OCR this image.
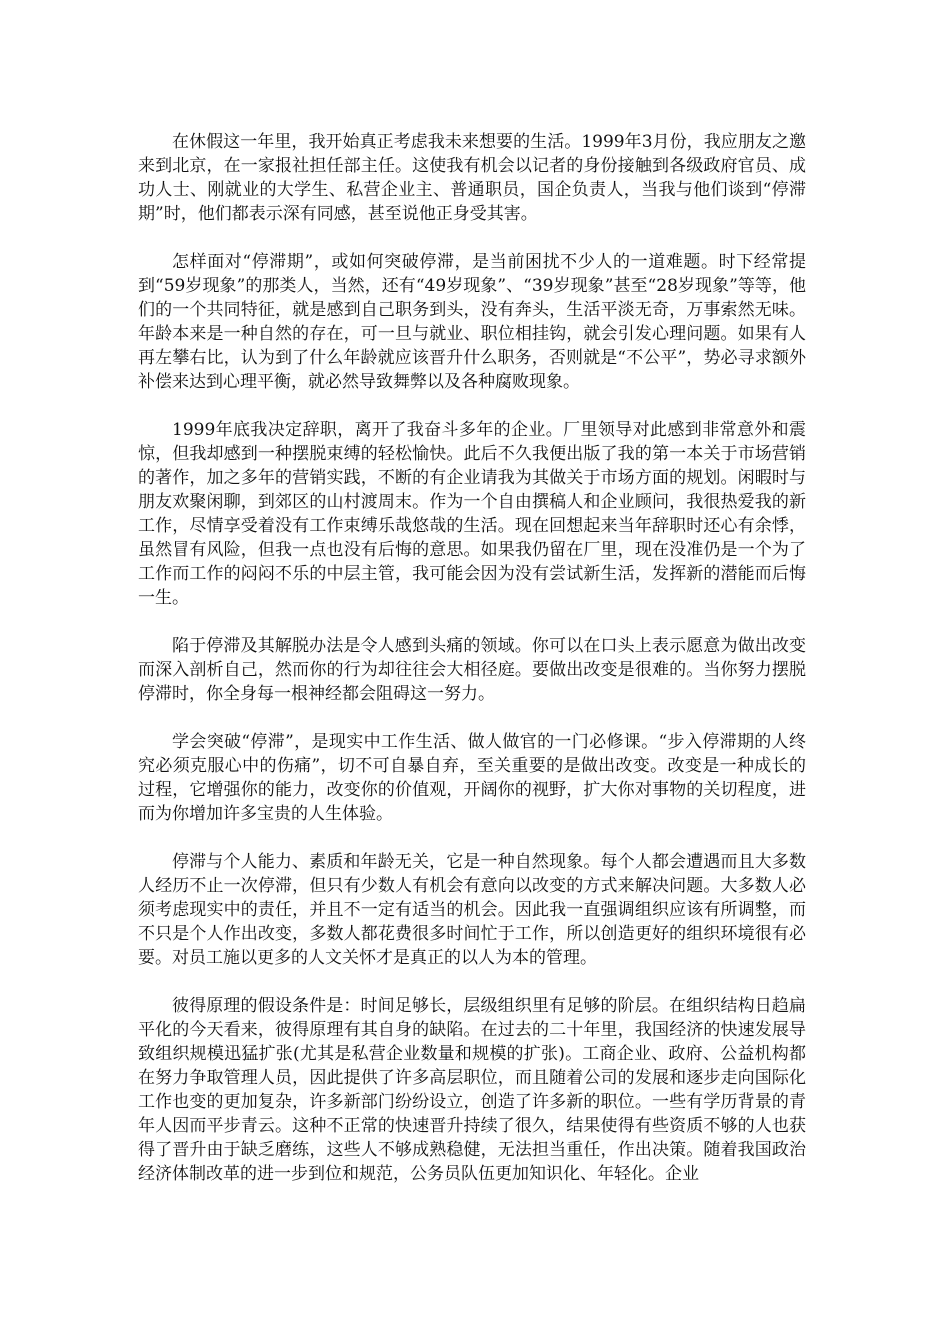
在休假这一年里，我开始真正考虑我未来想要的生活。1999年3月份，我应朋友之邀来到北京，在一家报社担任部主任。这使我有机会以记者的身份接触到各级政府官员、成功人士、刚就业的大学生、私营企业主、普通职员，国企负责人，当我与他们谈到“停滞期”时，他们都表示深有同感，甚至说他正身受其害。

怎样面对“停滞期”，或如何突破停滞，是当前困扰不少人的一道难题。时下经常提到“59岁现象”的那类人，当然，还有“49岁现象”、“39岁现象”甚至“28岁现象”等等，他们的一个共同特征，就是感到自己职务到头，没有奔头，生活平淡无奇，万事索然无味。年龄本来是一种自然的存在，可一旦与就业、职位相挂钩，就会引发心理问题。如果有人再左攀右比，认为到了什么年龄就应该晋升什么职务，否则就是“不公平”，势必寻求额外补偿来达到心理平衡，就必然导致舞弊以及各种腐败现象。

1999年底我决定辞职，离开了我奋斗多年的企业。厂里领导对此感到非常意外和震惊，但我却感到一种摆脱束缚的轻松愉快。此后不久我便出版了我的第一本关于市场营销的著作，加之多年的营销实践，不断的有企业请我为其做关于市场方面的规划。闲暇时与朋友欢聚闲聊，到郊区的山村渡周末。作为一个自由撰稿人和企业顾问，我很热爱我的新工作，尽情享受着没有工作束缚乐哉悠哉的生活。现在回想起来当年辞职时还心有余悸，虽然冒有风险，但我一点也没有后悔的意思。如果我仍留在厂里，现在没准仍是一个为了工作而工作的闷闷不乐的中层主管，我可能会因为没有尝试新生活，发挥新的潜能而后悔一生。

陷于停滞及其解脱办法是令人感到头痛的领域。你可以在口头上表示愿意为做出改变而深入剖析自己，然而你的行为却往往会大相径庭。要做出改变是很难的。当你努力摆脱停滞时，你全身每一根神经都会阻碍这一努力。

学会突破“停滞”，是现实中工作生活、做人做官的一门必修课。“步入停滞期的人终究必须克服心中的伤痛”，切不可自暴自弃，至关重要的是做出改变。改变是一种成长的过程，它增强你的能力，改变你的价值观，开阔你的视野，扩大你对事物的关切程度，进而为你增加许多宝贵的人生体验。

停滞与个人能力、素质和年龄无关，它是一种自然现象。每个人都会遭遇而且大多数人经历不止一次停滞，但只有少数人有机会有意向以改变的方式来解决问题。大多数人必须考虑现实中的责任，并且不一定有适当的机会。因此我一直强调组织应该有所调整，而不只是个人作出改变，多数人都花费很多时间忙于工作，所以创造更好的组织环境很有必要。对员工施以更多的人文关怀才是真正的以人为本的管理。

彼得原理的假设条件是：时间足够长，层级组织里有足够的阶层。在组织结构日趋扁平化的今天看来，彼得原理有其自身的缺陷。在过去的二十年里，我国经济的快速发展导致组织规模迅猛扩张(尤其是私营企业数量和规模的扩张)。工商企业、政府、公益机构都在努力争取管理人员，因此提供了许多高层职位，而且随着公司的发展和逐步走向国际化工作也变的更加复杂，许多新部门纷纷设立，创造了许多新的职位。一些有学历背景的青年人因而平步青云。这种不正常的快速晋升持续了很久，结果使得有些资质不够的人也获得了晋升由于缺乏磨练，这些人不够成熟稳健，无法担当重任，作出决策。随着我国政治经济体制改革的进一步到位和规范，公务员队伍更加知识化、年轻化。企业
